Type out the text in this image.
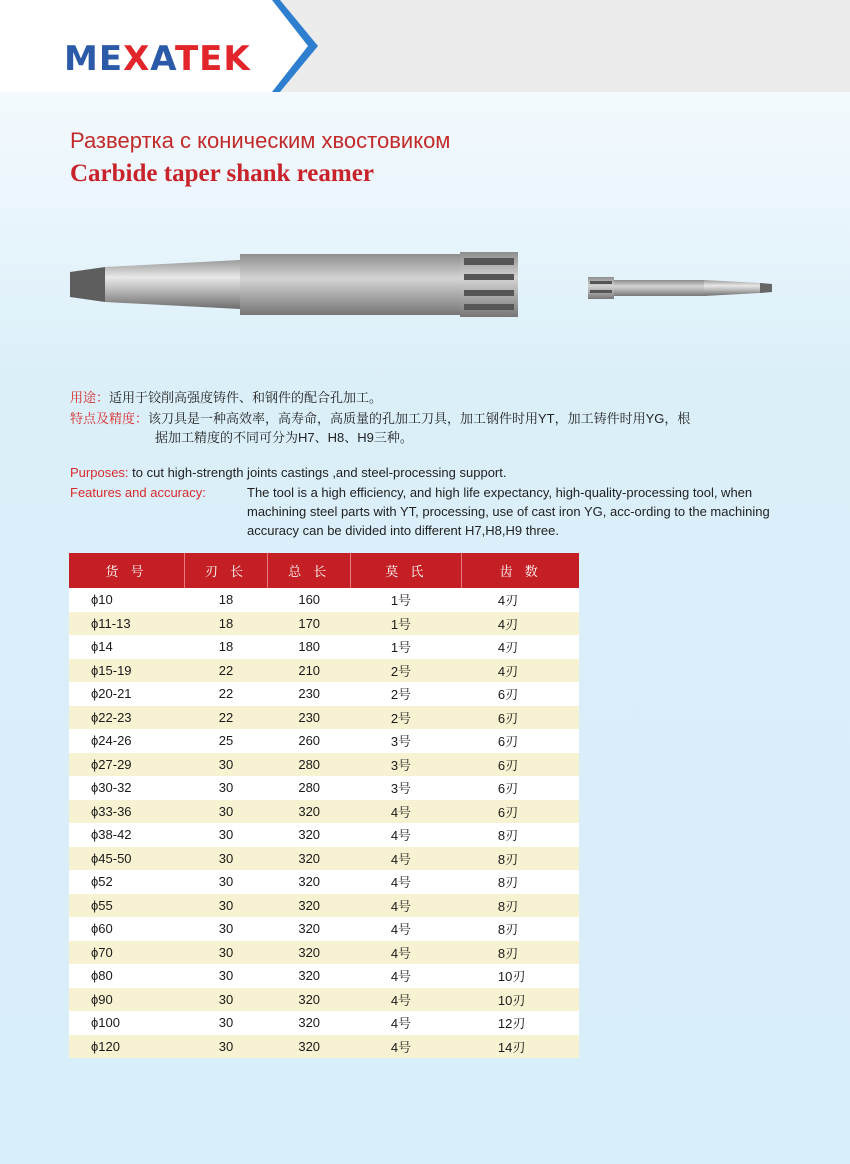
MEXATEK
Развертка с коническим хвостовиком
Carbide taper shank reamer
用途：适用于铰削高强度铸件、和钢件的配合孔加工。
特点及精度：该刀具是一种高效率，高寿命，高质量的孔加工刀具，加工钢件时用YT，加工铸件时用YG，根
据加工精度的不同可分为H7、H8、H9三种。
Purposes: to cut high-strength joints castings ,and steel-processing support.
Features and accuracy:	The tool is a high efficiency, and high life expectancy, high-quality-processing tool, when machining steel parts with YT, processing, use of cast iron YG, acc-ording to the machining accuracy can be divided into different H7,H8,H9 three.
货 号	刃 长	总 长	莫 氏	齿 数
ϕ10	18	160	1号	4刃
ϕ11-13	18	170	1号	4刃
ϕ14	18	180	1号	4刃
ϕ15-19	22	210	2号	4刃
ϕ20-21	22	230	2号	6刃
ϕ22-23	22	230	2号	6刃
ϕ24-26	25	260	3号	6刃
ϕ27-29	30	280	3号	6刃
ϕ30-32	30	280	3号	6刃
ϕ33-36	30	320	4号	6刃
ϕ38-42	30	320	4号	8刃
ϕ45-50	30	320	4号	8刃
ϕ52	30	320	4号	8刃
ϕ55	30	320	4号	8刃
ϕ60	30	320	4号	8刃
ϕ70	30	320	4号	8刃
ϕ80	30	320	4号	10刃
ϕ90	30	320	4号	10刃
ϕ100	30	320	4号	12刃
ϕ120	30	320	4号	14刃
